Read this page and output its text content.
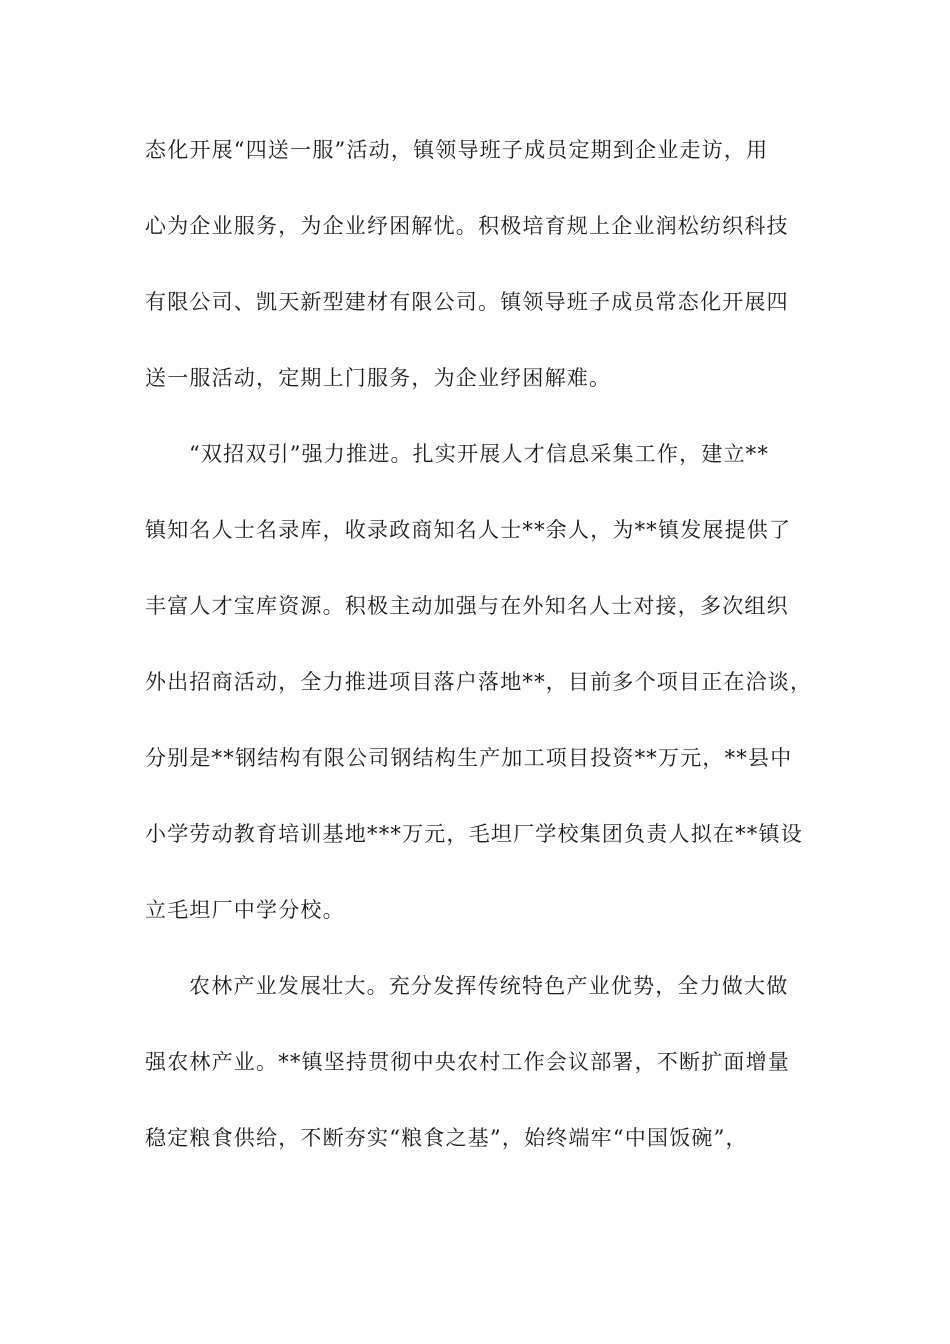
态化开展“四送一服”活动，镇领导班子成员定期到企业走访，用
心为企业服务，为企业纾困解忧。积极培育规上企业润松纺织科技
有限公司、凯天新型建材有限公司。镇领导班子成员常态化开展四
送一服活动，定期上门服务，为企业纾困解难。
“双招双引”强力推进。扎实开展人才信息采集工作，建立**
镇知名人士名录库，收录政商知名人士**余人，为**镇发展提供了
丰富人才宝库资源。积极主动加强与在外知名人士对接，多次组织
外出招商活动，全力推进项目落户落地**，目前多个项目正在洽谈，
分别是**钢结构有限公司钢结构生产加工项目投资**万元，**县中
小学劳动教育培训基地***万元，毛坦厂学校集团负责人拟在**镇设
立毛坦厂中学分校。
农林产业发展壮大。充分发挥传统特色产业优势，全力做大做
强农林产业。**镇坚持贯彻中央农村工作会议部署，不断扩面增量
稳定粮食供给，不断夯实“粮食之基”，始终端牢“中国饭碗”，
